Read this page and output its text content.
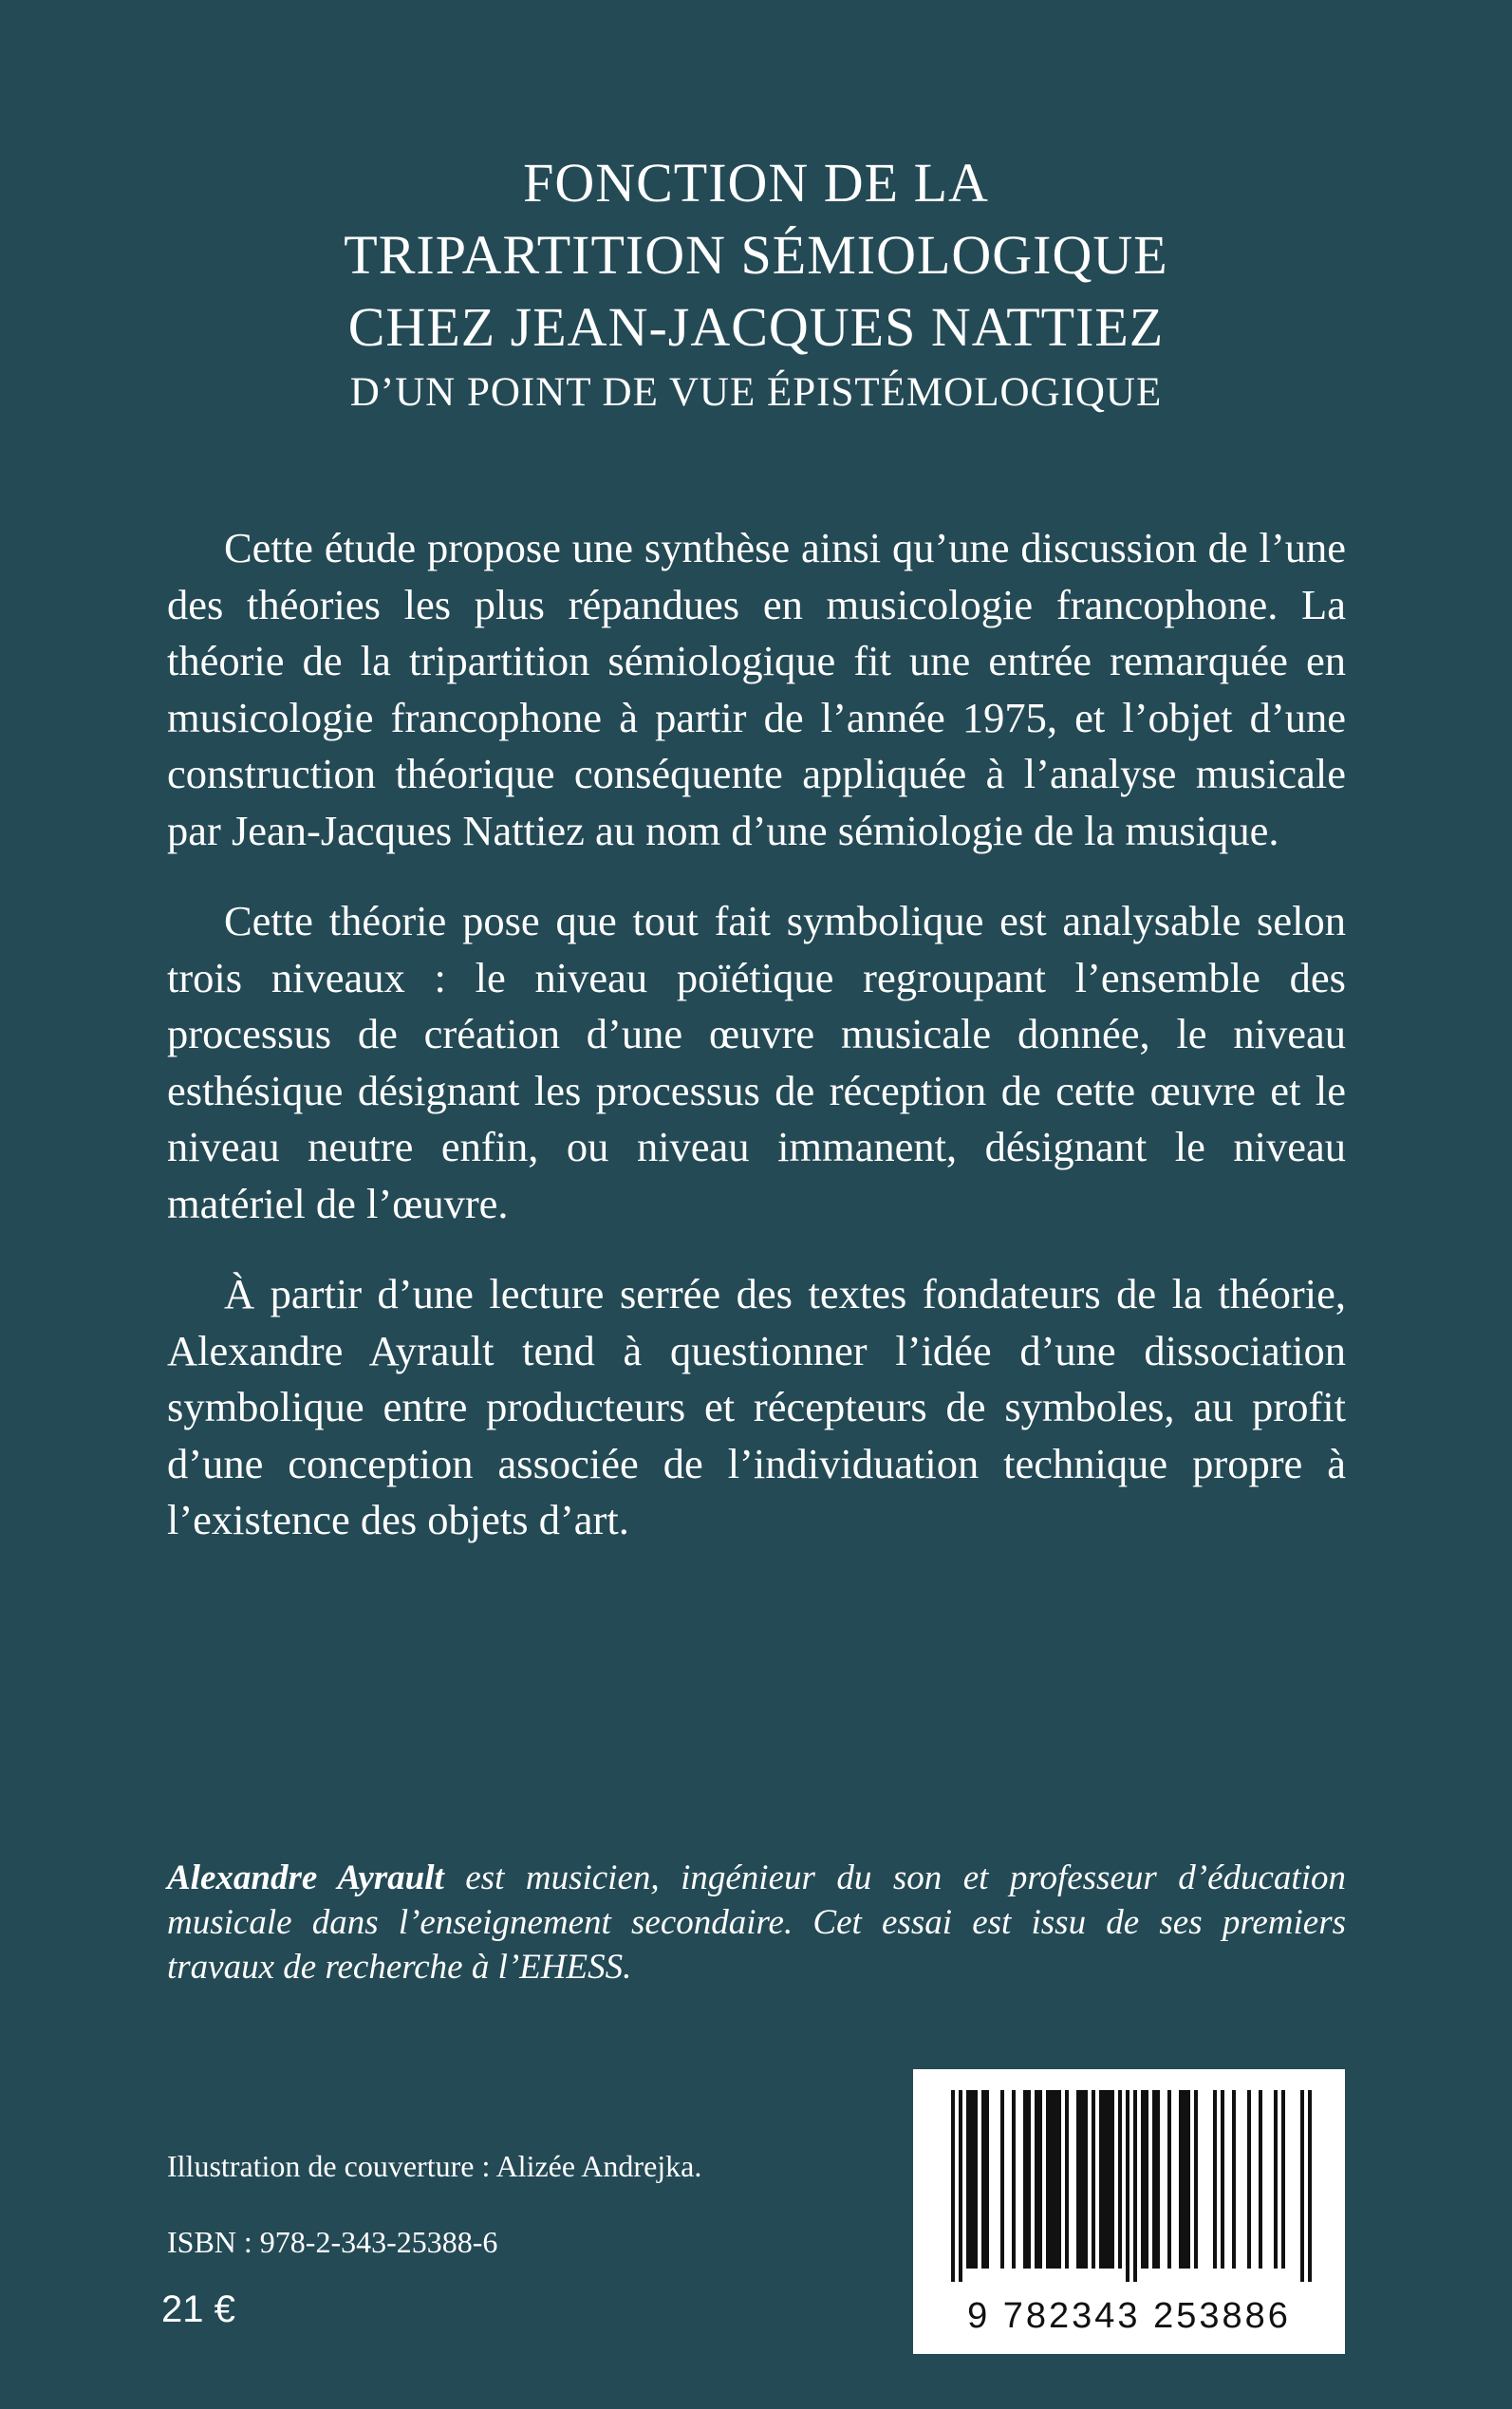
FONCTION DE LA

TRIPARTITION SÉMIOLOGIQUE

CHEZ JEAN-JACQUES NATTIEZ

D’UN POINT DE VUE ÉPISTÉMOLOGIQUE

Cette étude propose une synthèse ainsi qu’une discussion de l’une des théories les plus répandues en musicologie francophone. La théorie de la tripartition sémiologique fit une entrée remarquée en musicologie francophone à partir de l’année 1975, et l’objet d’une construction théorique conséquente appliquée à l’analyse musicale par Jean-Jacques Nattiez au nom d’une sémiologie de la musique.

Cette théorie pose que tout fait symbolique est analysable selon trois niveaux : le niveau poïétique regroupant l’ensemble des processus de création d’une œuvre musicale donnée, le niveau esthésique désignant les processus de réception de cette œuvre et le niveau neutre enfin, ou niveau immanent, désignant le niveau matériel de l’œuvre.

À partir d’une lecture serrée des textes fondateurs de la théorie, Alexandre Ayrault tend à questionner l’idée d’une dissociation symbolique entre producteurs et récepteurs de symboles, au profit d’une conception associée de l’individuation technique propre à l’existence des objets d’art.

Alexandre Ayrault est musicien, ingénieur du son et professeur d’éducation musicale dans l’enseignement secondaire. Cet essai est issu de ses premiers travaux de recherche à l’EHESS.

Illustration de couverture : Alizée Andrejka.

ISBN : 978-2-343-25388-6

21 €	9 782343 253886
